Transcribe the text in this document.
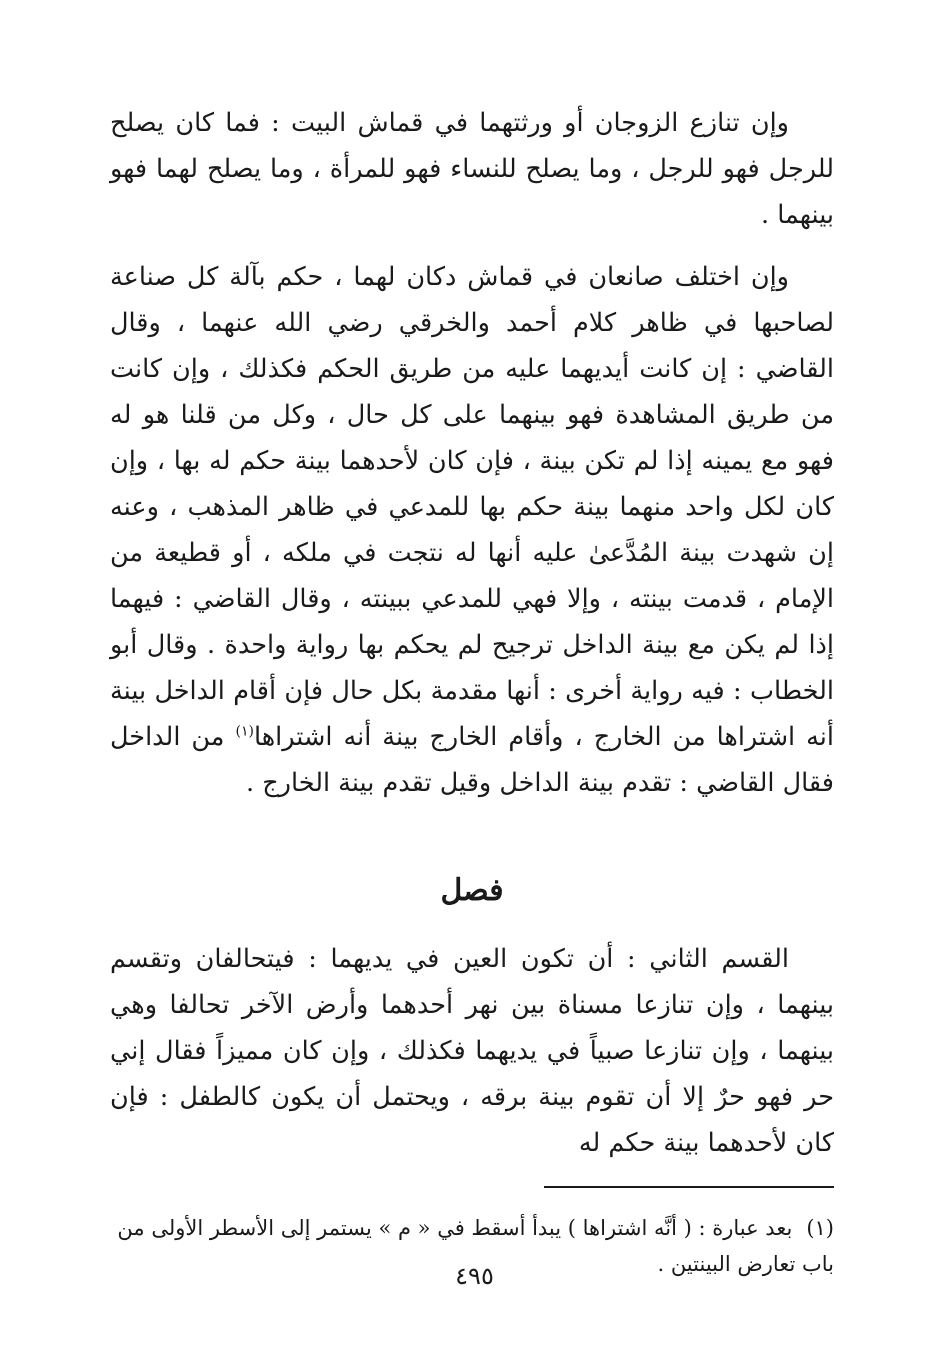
وإن تنازع الزوجان أو ورثتهما في قماش البيت : فما كان يصلح للرجل فهو للرجل ، وما يصلح للنساء فهو للمرأة ، وما يصلح لهما فهو بينهما .

وإن اختلف صانعان في قماش دكان لهما ، حكم بآلة كل صناعة لصاحبها في ظاهر كلام أحمد والخرقي رضي الله عنهما ، وقال القاضي : إن كانت أيديهما عليه من طريق الحكم فكذلك ، وإن كانت من طريق المشاهدة فهو بينهما على كل حال ، وكل من قلنا هو له فهو مع يمينه إذا لم تكن بينة ، فإن كان لأحدهما بينة حكم له بها ، وإن كان لكل واحد منهما بينة حكم بها للمدعي في ظاهر المذهب ، وعنه إن شهدت بينة المُدَّعىٰ عليه أنها له نتجت في ملكه ، أو قطيعة من الإمام ، قدمت بينته ، وإلا فهي للمدعي ببينته ، وقال القاضي : فيهما إذا لم يكن مع بينة الداخل ترجيح لم يحكم بها رواية واحدة . وقال أبو الخطاب : فيه رواية أخرى : أنها مقدمة بكل حال فإن أقام الداخل بينة أنه اشتراها من الخارج ، وأقام الخارج بينة أنه اشتراها$^{(١)}$ من الداخل فقال القاضي : تقدم بينة الداخل وقيل تقدم بينة الخارج .

فصل

القسم الثاني : أن تكون العين في يديهما : فيتحالفان وتقسم بينهما ، وإن تنازعا مسناة بين نهر أحدهما وأرض الآخر تحالفا وهي بينهما ، وإن تنازعا صبياً في يديهما فكذلك ، وإن كان مميزاً فقال إني حر فهو حرٌ إلا أن تقوم بينة برقه ، ويحتمل أن يكون كالطفل : فإن كان لأحدهما بينة حكم له

(١)بعد عبارة : ( أنَّه اشتراها ) يبدأ أسقط في « م » يستمر إلى الأسطر الأولى من باب تعارض البينتين .

٤٩٥
